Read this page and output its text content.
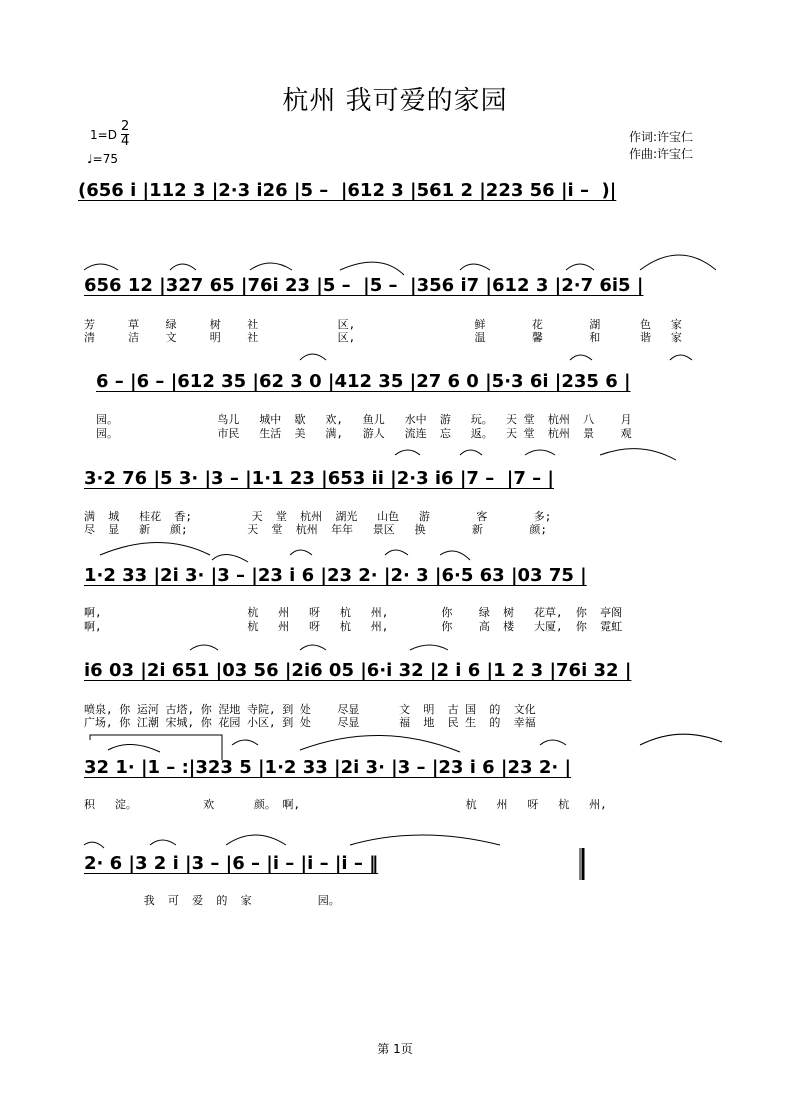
杭州 我可爱的家园
1=D
2
4
♩=75
作词:许宝仁
作曲:许宝仁
(656 i |112 3 |2·3 i26 |5 –  |612 3 |561 2 |223 56 |i –  )|
656 12 |327 65 |76i 23 |5 –  |5 –  |356 i7 |612 3 |2·7 6i5 |
芳     草    绿     树    社            区,                  鲜       花       湖      色   家
清     洁    文     明    社            区,                  温       馨       和      谐   家
6 – |6 – |612 35 |62 3 0 |412 35 |27 6 0 |5·3 6i |235 6 |
园。               鸟儿   城中  歇   欢,   鱼儿   水中  游   玩。  天 堂  杭州  八    月
园。               市民   生活  美   满,   游人   流连  忘   返。  天 堂  杭州  景    观
3·2 76 |5 3· |3 – |1·1 23 |653 ii |2·3 i6 |7 –  |7 – |
满  城   桂花  香;         天  堂  杭州  湖光   山色   游       客       多;
尽  显   新   颜;         天  堂  杭州  年年   景区   换       新       颜;
1·2 33 |2i 3· |3 – |23 i 6 |23 2· |2· 3 |6·5 63 |03 75 |
啊,                      杭   州   呀   杭   州,        你    绿  树   花草,  你  亭阁
啊,                      杭   州   呀   杭   州,        你    高  楼   大厦,  你  霓虹
i6 03 |2i 651 |03 56 |2i6 05 |6·i 32 |2 i 6 |1 2 3 |76i 32 |
喷泉, 你 运河 古塔, 你 涅地 寺院, 到 处    尽显      文  明  古 国  的  文化
广场, 你 江潮 宋城, 你 花园 小区, 到 处    尽显      福  地  民 生  的  幸福
32 1· |1 – :|323 5 |1·2 33 |2i 3· |3 – |23 i 6 |23 2· |
积   淀。          欢      颜。 啊,                         杭   州   呀   杭   州,
2· 6 |3 2 i |3 – |6 – |i – |i – |i – ‖
我  可  爱  的  家          园。
第 1页
